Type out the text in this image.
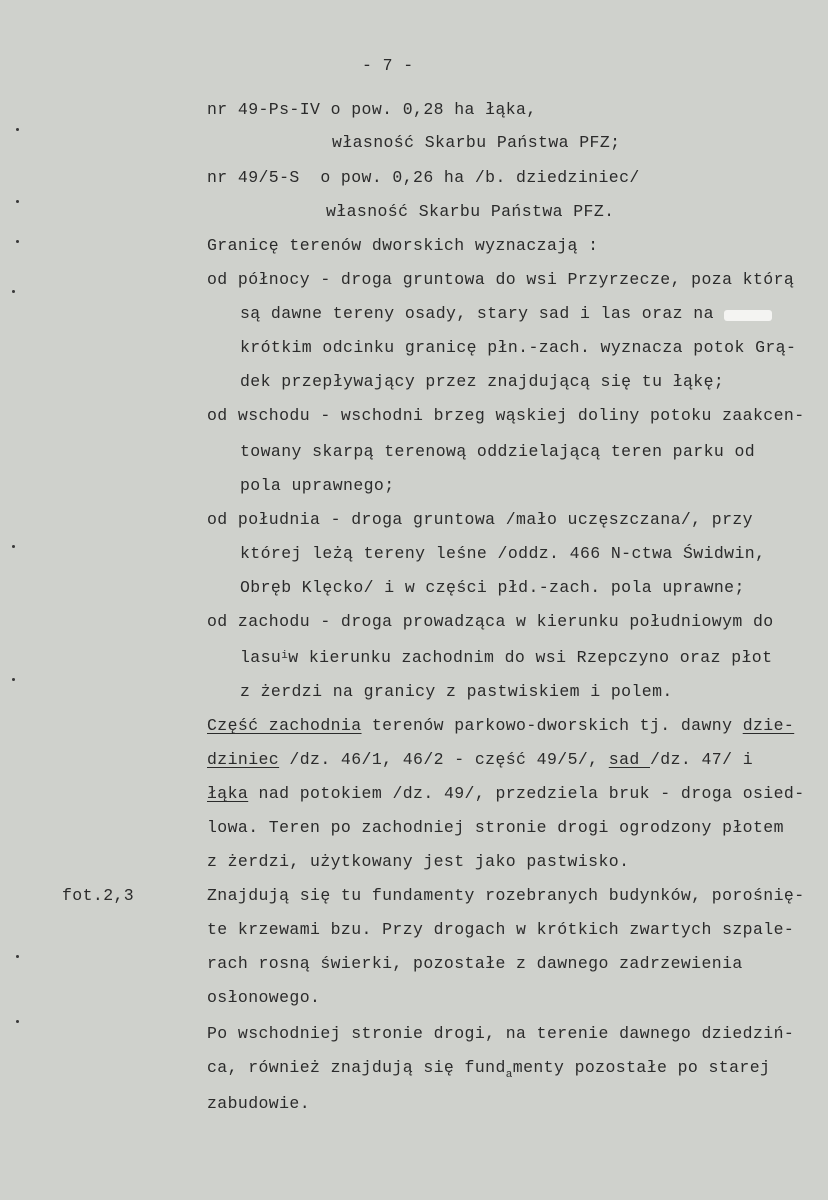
- 7 -
nr 49-Ps-IV o pow. 0,28 ha łąka,
własność Skarbu Państwa PFZ;
nr 49/5-S  o pow. 0,26 ha /b. dziedziniec/
własność Skarbu Państwa PFZ.
Granicę terenów dworskich wyznaczają :
od północy - droga gruntowa do wsi Przyrzecze, poza którą
są dawne tereny osady, stary sad i las oraz na
krótkim odcinku granicę płn.-zach. wyznacza potok Grą-
dek przepływający przez znajdującą się tu łąkę;
od wschodu - wschodni brzeg wąskiej doliny potoku zaakcen-
towany skarpą terenową oddzielającą teren parku od
pola uprawnego;
od południa - droga gruntowa /mało uczęszczana/, przy
której leżą tereny leśne /oddz. 466 N-ctwa Świdwin,
Obręb Klęcko/ i w części płd.-zach. pola uprawne;
od zachodu - droga prowadząca w kierunku południowym do
lasu$^i$w kierunku zachodnim do wsi Rzepczyno oraz płot
z żerdzi na granicy z pastwiskiem i polem.
Część zachodnia terenów parkowo-dworskich tj. dawny dzie-
dziniec /dz. 46/1, 46/2 - część 49/5/, sad /dz. 47/ i
łąka nad potokiem /dz. 49/, przedziela bruk - droga osied-
lowa. Teren po zachodniej stronie drogi ogrodzony płotem
z żerdzi, użytkowany jest jako pastwisko.
fot.2,3	Znajdują się tu fundamenty rozebranych budynków, porośnię-
te krzewami bzu. Przy drogach w krótkich zwartych szpale-
rach rosną świerki, pozostałe z dawnego zadrzewienia
osłonowego.
Po wschodniej stronie drogi, na terenie dawnego dziedziń-
ca, również znajdują się fund$_a$menty pozostałe po starej
zabudowie.
